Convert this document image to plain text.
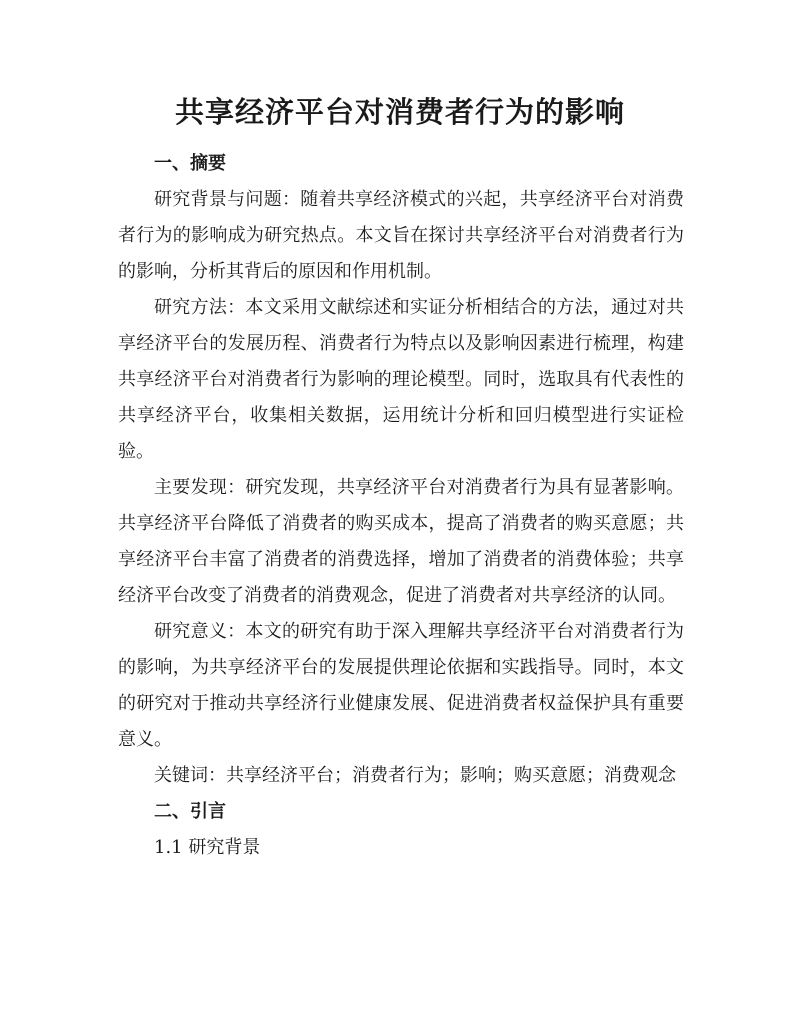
共享经济平台对消费者行为的影响

一、摘要

研究背景与问题：随着共享经济模式的兴起，共享经济平台对消费者行为的影响成为研究热点。本文旨在探讨共享经济平台对消费者行为的影响，分析其背后的原因和作用机制。

研究方法：本文采用文献综述和实证分析相结合的方法，通过对共享经济平台的发展历程、消费者行为特点以及影响因素进行梳理，构建共享经济平台对消费者行为影响的理论模型。同时，选取具有代表性的共享经济平台，收集相关数据，运用统计分析和回归模型进行实证检验。

主要发现：研究发现，共享经济平台对消费者行为具有显著影响。共享经济平台降低了消费者的购买成本，提高了消费者的购买意愿；共享经济平台丰富了消费者的消费选择，增加了消费者的消费体验；共享经济平台改变了消费者的消费观念，促进了消费者对共享经济的认同。

研究意义：本文的研究有助于深入理解共享经济平台对消费者行为的影响，为共享经济平台的发展提供理论依据和实践指导。同时，本文的研究对于推动共享经济行业健康发展、促进消费者权益保护具有重要意义。

关键词：共享经济平台；消费者行为；影响；购买意愿；消费观念

二、引言

1.1 研究背景
